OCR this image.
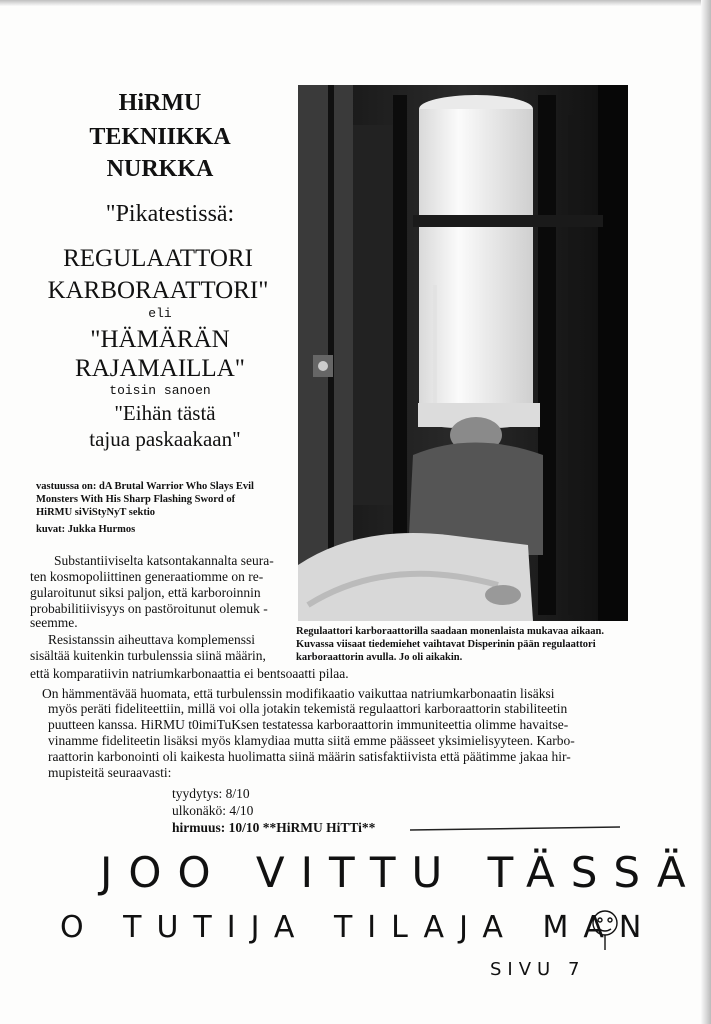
HiRMU
TEKNIIKKA
NURKKA
"Pikatestissä:
REGULAATTORI
KARBORAATTORI"
eli
"HÄMÄRÄN
RAJAMAILLA"
toisin sanoen
"Eihän tästä
tajua paskaakaan"
vastuussa on: dA Brutal Warrior Who Slays Evil
Monsters With His Sharp Flashing Sword of
HiRMU siViStyNyT sektio
kuvat: Jukka Hurmos
Regulaattori karboraattorilla saadaan monenlaista mukavaa aikaan.
Kuvassa viisaat tiedemiehet vaihtavat Disperinin pään regulaattori
karboraattorin avulla. Jo oli aikakin.
Substantiiviselta katsontakannalta seura-
ten kosmopoliittinen generaatiomme on re-
gularoitunut siksi paljon, että karboroinnin
probabilitiivisyys on pastöroitunut olemuk -
seemme.
Resistanssin aiheuttava komplemenssi
sisältää kuitenkin turbulenssia siinä määrin,
että komparatiivin natriumkarbonaattia ei bentsoaatti pilaa.
On hämmentävää huomata, että turbulenssin modifikaatio vaikuttaa natriumkarbonaatin lisäksi
myös peräti fideliteettiin, millä voi olla jotakin tekemistä regulaattori karboraattorin stabiliteetin
puutteen kanssa. HiRMU t0imiTuKsen testatessa karboraattorin immuniteettia olimme havaitse-
vinamme fideliteetin lisäksi myös klamydiaa mutta siitä emme päässeet yksimielisyyteen. Karbo-
raattorin karbonointi oli kaikesta huolimatta siinä määrin satisfaktiivista että päätimme jakaa hir-
mupisteitä seuraavasti:
tyydytys: 8/10
ulkonäkö: 4/10
hirmuus: 10/10 **HiRMU HiTTi**
JOO VITTU TÄSSÄ
O TUTIJA TILAJA MAN
SIVU 7
